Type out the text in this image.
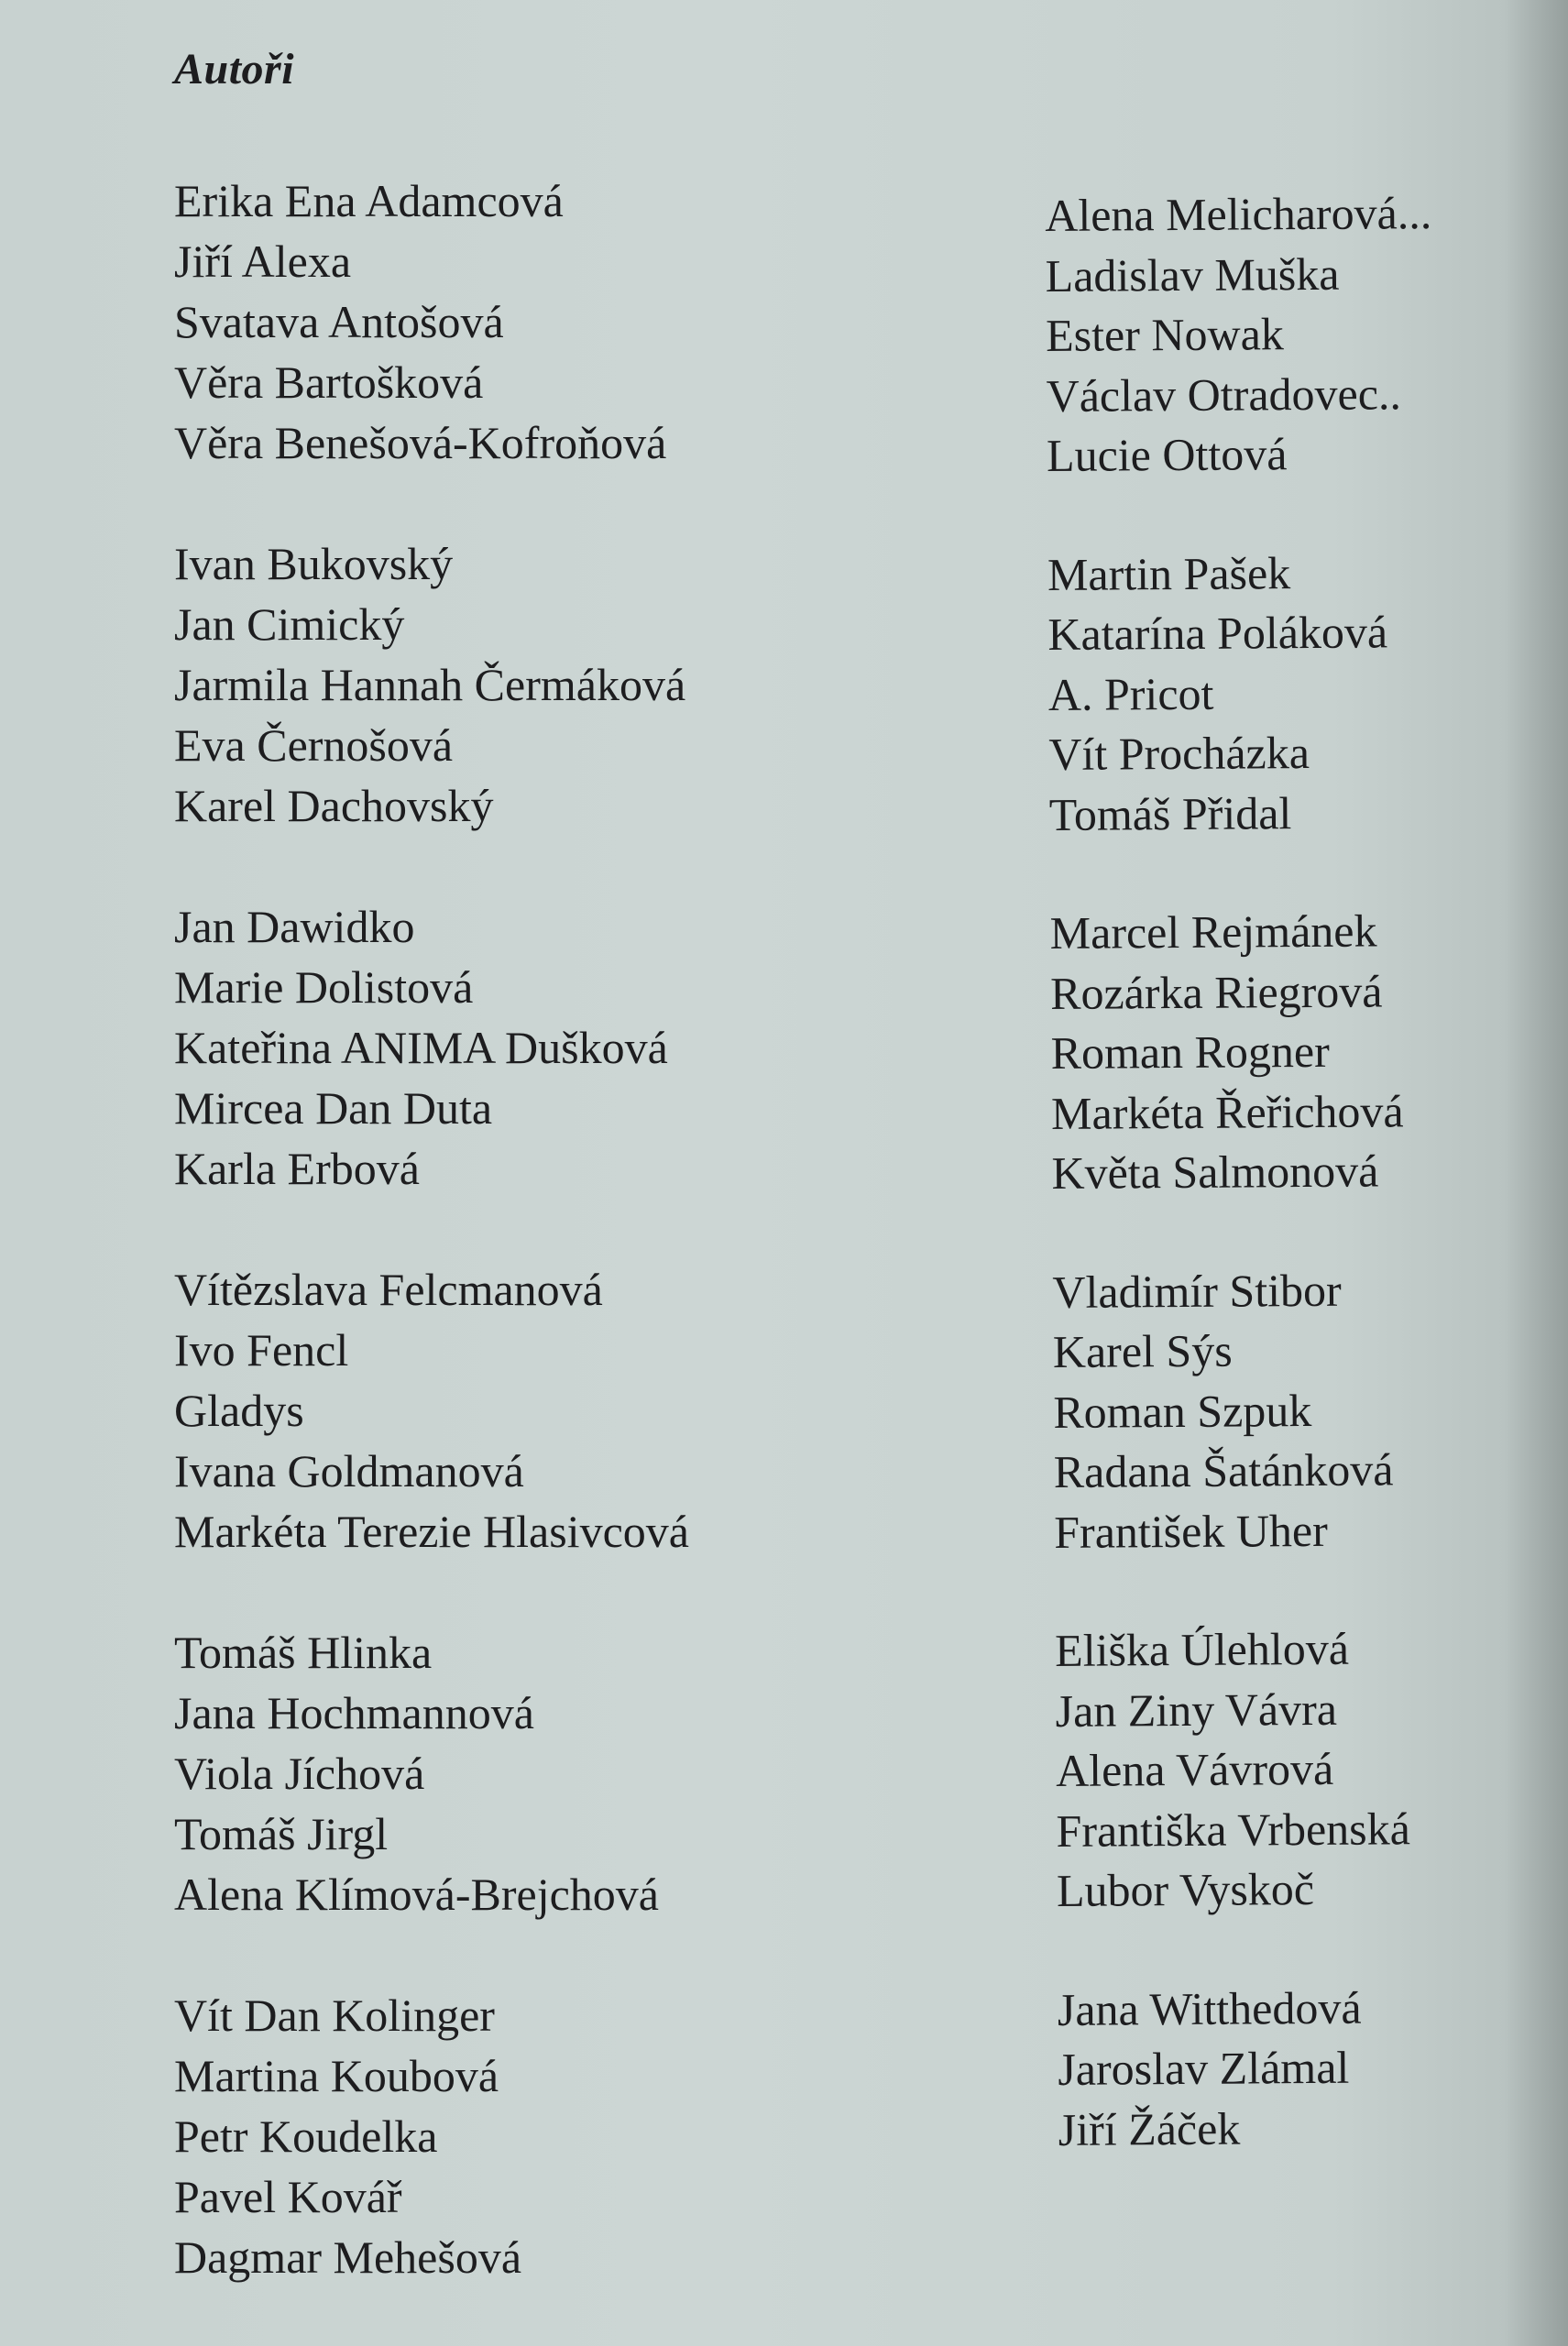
Autoři
Erika Ena Adamcová
Jiří Alexa
Svatava Antošová
Věra Bartošková
Věra Benešová-Kofroňová
Ivan Bukovský
Jan Cimický
Jarmila Hannah Čermáková
Eva Černošová
Karel Dachovský
Jan Dawidko
Marie Dolistová
Kateřina ANIMA Dušková
Mircea Dan Duta
Karla Erbová
Vítězslava Felcmanová
Ivo Fencl
Gladys
Ivana Goldmanová
Markéta Terezie Hlasivcová
Tomáš Hlinka
Jana Hochmannová
Viola Jíchová
Tomáš Jirgl
Alena Klímová-Brejchová
Vít Dan Kolinger
Martina Koubová
Petr Koudelka
Pavel Kovář
Dagmar Mehešová
Alena Melicharová...
Ladislav Muška
Ester Nowak
Václav Otradovec..
Lucie Ottová
Martin Pašek
Katarína Poláková
A. Pricot
Vít Procházka
Tomáš Přidal
Marcel Rejmánek
Rozárka Riegrová
Roman Rogner
Markéta Řeřichová
Květa Salmonová
Vladimír Stibor
Karel Sýs
Roman Szpuk
Radana Šatánková
František Uher
Eliška Úlehlová
Jan Ziny Vávra
Alena Vávrová
Františka Vrbenská
Lubor Vyskoč
Jana Witthedová
Jaroslav Zlámal
Jiří Žáček
